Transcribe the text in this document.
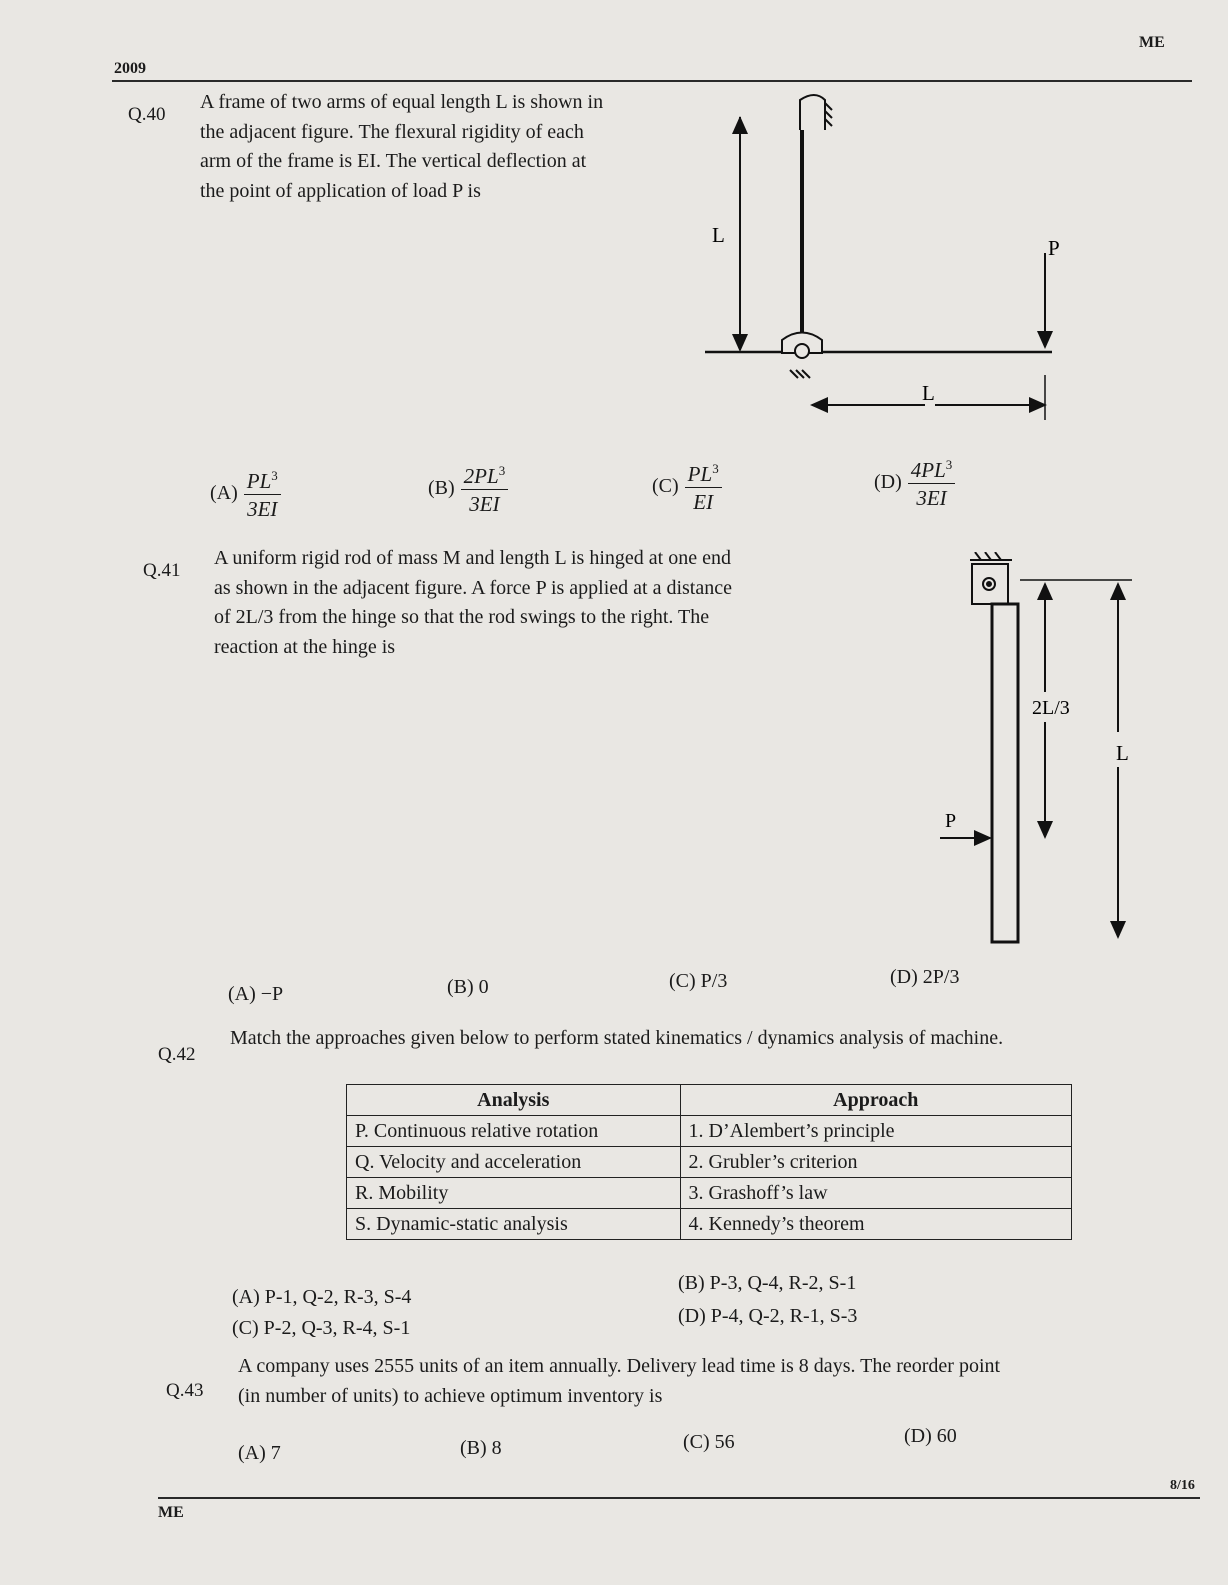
2009
ME
Q.40
A frame of two arms of equal length L is shown in
the adjacent figure. The flexural rigidity of each
arm of the frame is EI. The vertical deflection at
the point of application of load P is
L
P
L
$(A) \frac{PL^3}{3EI}$	$(B) \frac{2PL^3}{3EI}$	$(C) \frac{PL^3}{EI}$	$(D) \frac{4PL^3}{3EI}$
Q.41
A uniform rigid rod of mass M and length L is hinged at one end
as shown in the adjacent figure. A force P is applied at a distance
of 2L/3 from the hinge so that the rod swings to the right. The
reaction at the hinge is
2L/3
L
P
(A) −P	(B) 0	(C) P/3	(D) 2P/3
Q.42
Match the approaches given below to perform stated kinematics / dynamics analysis of machine.
Analysis	Approach
P. Continuous relative rotation	1. D’Alembert’s principle
Q. Velocity and acceleration	2. Grubler’s criterion
R. Mobility	3. Grashoff’s law
S. Dynamic-static analysis	4. Kennedy’s theorem
(A) P-1, Q-2, R-3, S-4
(B) P-3, Q-4, R-2, S-1
(C) P-2, Q-3, R-4, S-1
(D) P-4, Q-2, R-1, S-3
Q.43
A company uses 2555 units of an item annually. Delivery lead time is 8 days. The reorder point
(in number of units) to achieve optimum inventory is
(A) 7	(B) 8	(C) 56	(D) 60
8/16
ME
